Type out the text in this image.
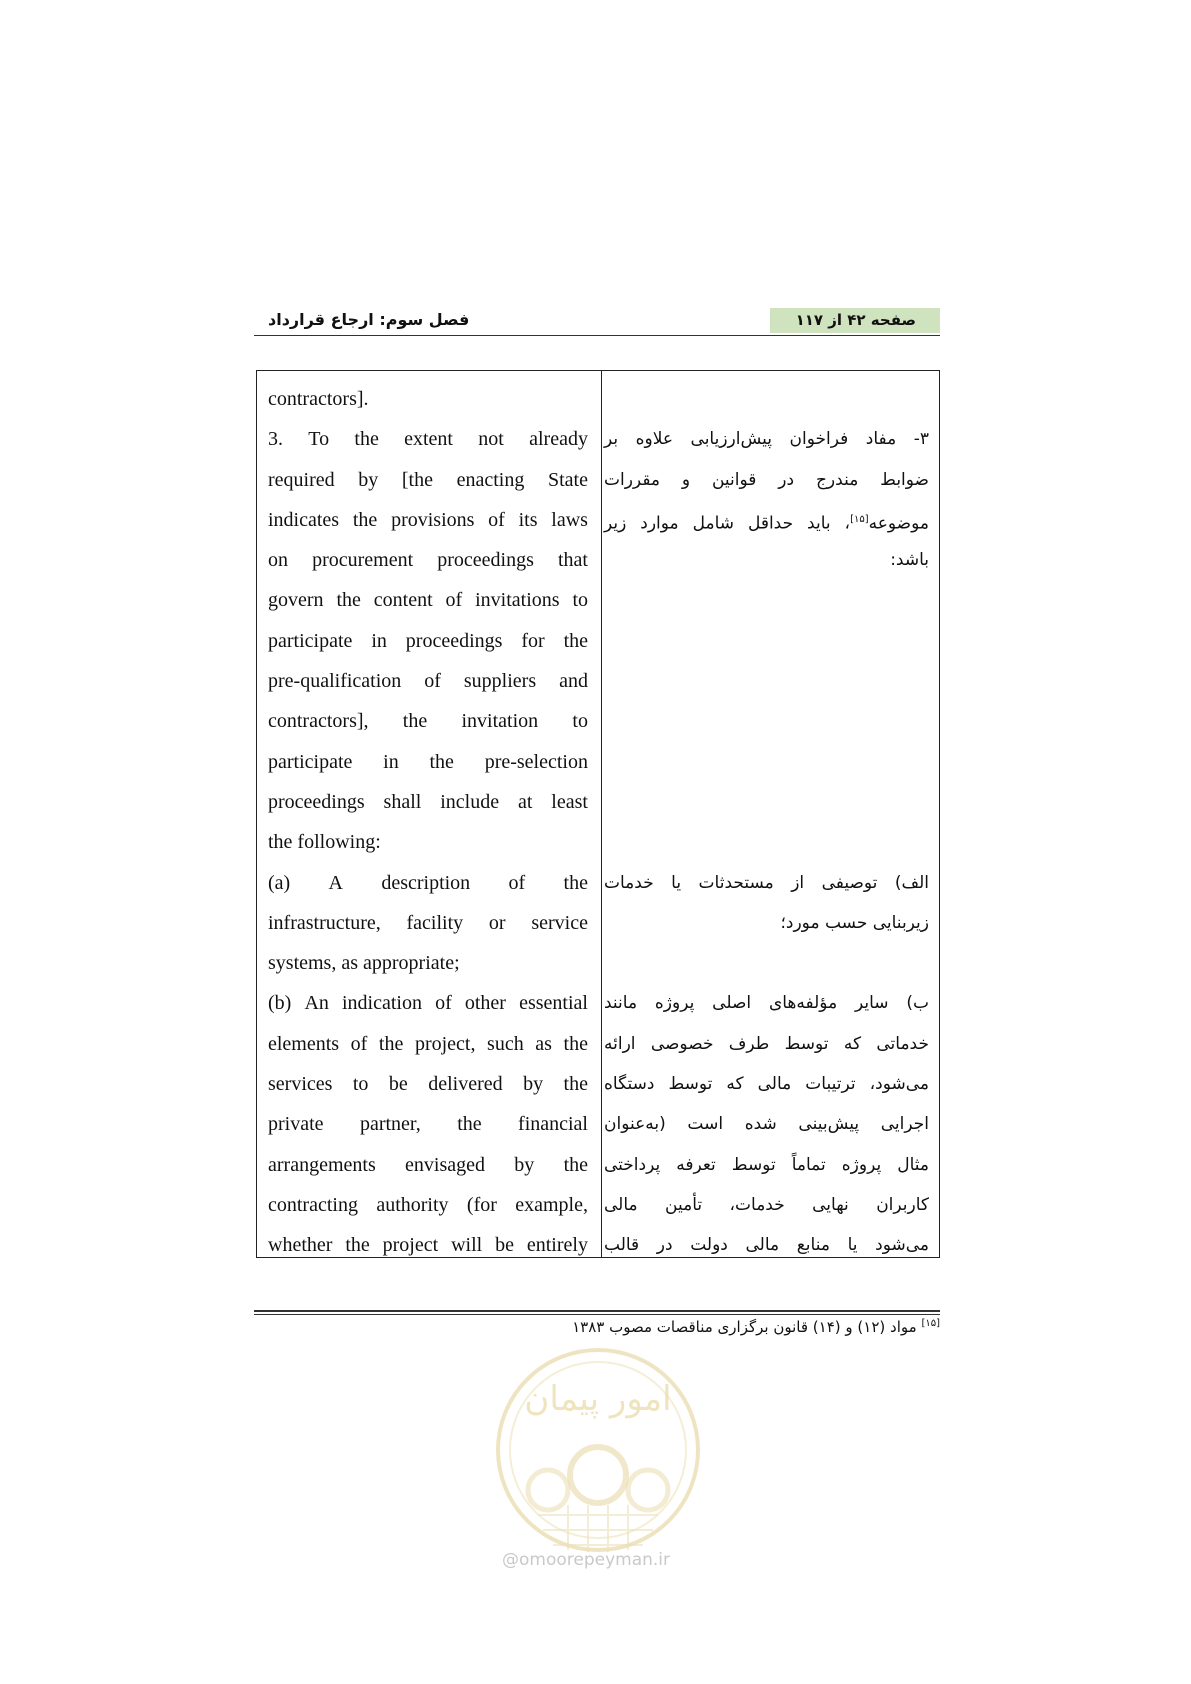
فصل سوم: ارجاع قرارداد	صفحه ۴۲ از ۱۱۷
contractors].
3. To the extent not already
required by [the enacting State
indicates the provisions of its laws
on procurement proceedings that
govern the content of invitations to
participate in proceedings for the
pre-qualification of suppliers and
contractors], the invitation to
participate in the pre-selection
proceedings shall include at least
the following:
(a) A description of the
infrastructure, facility or service
systems, as appropriate;
(b) An indication of other essential
elements of the project, such as the
services to be delivered by the
private partner, the financial
arrangements envisaged by the
contracting authority (for example,
whether the project will be entirely
۳- مفاد فراخوان پیش‌ارزیابی علاوه بر
ضوابط مندرج در قوانین و مقررات
موضوعه[۱۵]، باید حداقل شامل موارد زیر
باشد:
الف) توصیفی از مستحدثات یا خدمات
زیربنایی حسب مورد؛
ب) سایر مؤلفه‌های اصلی پروژه مانند
خدماتی که توسط طرف خصوصی ارائه
می‌شود، ترتیبات مالی که توسط دستگاه
اجرایی پیش‌بینی شده است (به‌عنوان
مثال پروژه تماماً توسط تعرفه پرداختی
کاربران نهایی خدمات، تأمین مالی
می‌شود یا منابع مالی دولت در قالب
[۱۵] مواد (۱۲) و (۱۴) قانون برگزاری مناقصات مصوب ۱۳۸۳
امور پیمان
@omoorepeyman.ir
